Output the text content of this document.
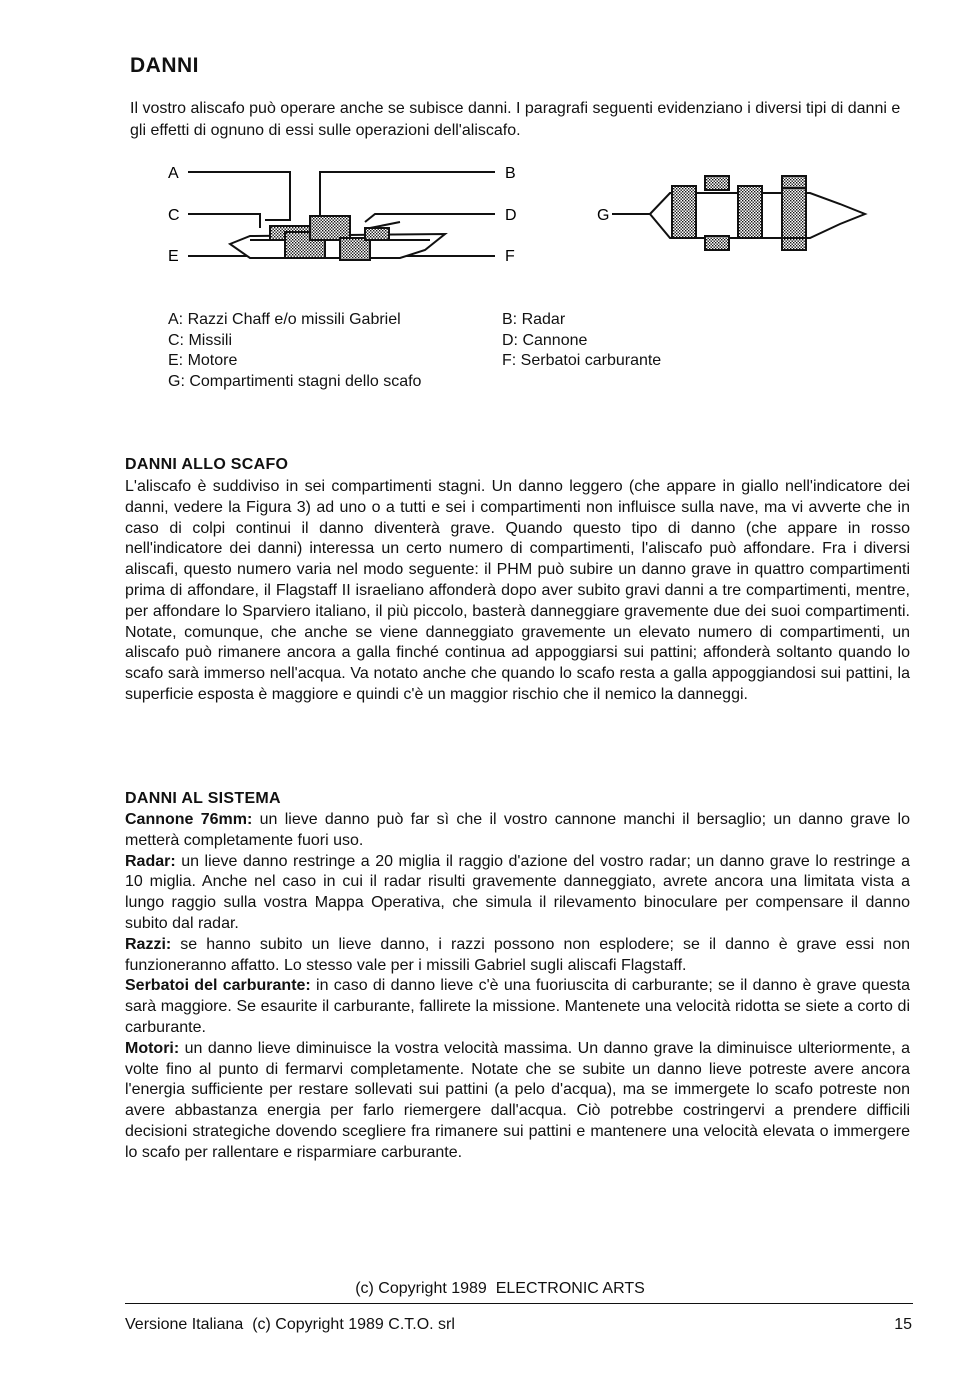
DANNI
Il vostro aliscafo può operare anche se subisce danni. I paragrafi seguenti evidenziano i diversi tipi di danni e gli effetti di ognuno di essi sulle operazioni dell'aliscafo.
A
C
E
B
D
F
G
A: Razzi Chaff e/o missili Gabriel
C: Missili
E: Motore
G: Compartimenti stagni dello scafo
B: Radar
D: Cannone
F: Serbatoi carburante
DANNI ALLO SCAFO

L'aliscafo è suddiviso in sei compartimenti stagni. Un danno leggero (che appare in giallo nell'indicatore dei danni, vedere la Figura 3) ad uno o a tutti e sei i compartimenti non influisce sulla nave, ma vi avverte che in caso di colpi continui il danno diventerà grave. Quando questo tipo di danno (che appare in rosso nell'indicatore dei danni) interessa un certo numero di compartimenti, l'aliscafo può affondare. Fra i diversi aliscafi, questo numero varia nel modo seguente: il PHM può subire un danno grave in quattro compartimenti prima di affondare, il Flagstaff II israeliano affonderà dopo aver subito gravi danni a tre compartimenti, mentre, per affondare lo Sparviero italiano, il più piccolo, basterà danneggiare gravemente due dei suoi compartimenti. Notate, comunque, che anche se viene danneggiato gravemente un elevato numero di compartimenti, un aliscafo può rimanere ancora a galla finché continua ad appoggiarsi sui pattini; affonderà soltanto quando lo scafo sarà immerso nell'acqua. Va notato anche che quando lo scafo resta a galla appoggiandosi sui pattini, la superficie esposta è maggiore e quindi c'è un maggior rischio che il nemico la danneggi.

DANNI AL SISTEMA

Cannone 76mm: un lieve danno può far sì che il vostro cannone manchi il bersaglio; un danno grave lo metterà completamente fuori uso.

Radar: un lieve danno restringe a 20 miglia il raggio d'azione del vostro radar; un danno grave lo restringe a 10 miglia. Anche nel caso in cui il radar risulti gravemente danneggiato, avrete ancora una limitata vista a lungo raggio sulla vostra Mappa Operativa, che simula il rilevamento binoculare per compensare il danno subito dal radar.

Razzi: se hanno subito un lieve danno, i razzi possono non esplodere; se il danno è grave essi non funzioneranno affatto. Lo stesso vale per i missili Gabriel sugli aliscafi Flagstaff.

Serbatoi del carburante: in caso di danno lieve c'è una fuoriuscita di carburante; se il danno è grave questa sarà maggiore. Se esaurite il carburante, fallirete la missione. Mantenete una velocità ridotta se siete a corto di carburante.

Motori: un danno lieve diminuisce la vostra velocità massima. Un danno grave la diminuisce ulteriormente, a volte fino al punto di fermarvi completamente. Notate che se subite un danno lieve potreste avere ancora l'energia sufficiente per restare sollevati sui pattini (a pelo d'acqua), ma se immergete lo scafo potreste non avere abbastanza energia per farlo riemergere dall'acqua. Ciò potrebbe costringervi a prendere difficili decisioni strategiche dovendo scegliere fra rimanere sui pattini e mantenere una velocità elevata o immergere lo scafo per rallentare e risparmiare carburante.

(c) Copyright 1989  ELECTRONIC ARTS
Versione Italiana  (c) Copyright 1989 C.T.O. srl	15
